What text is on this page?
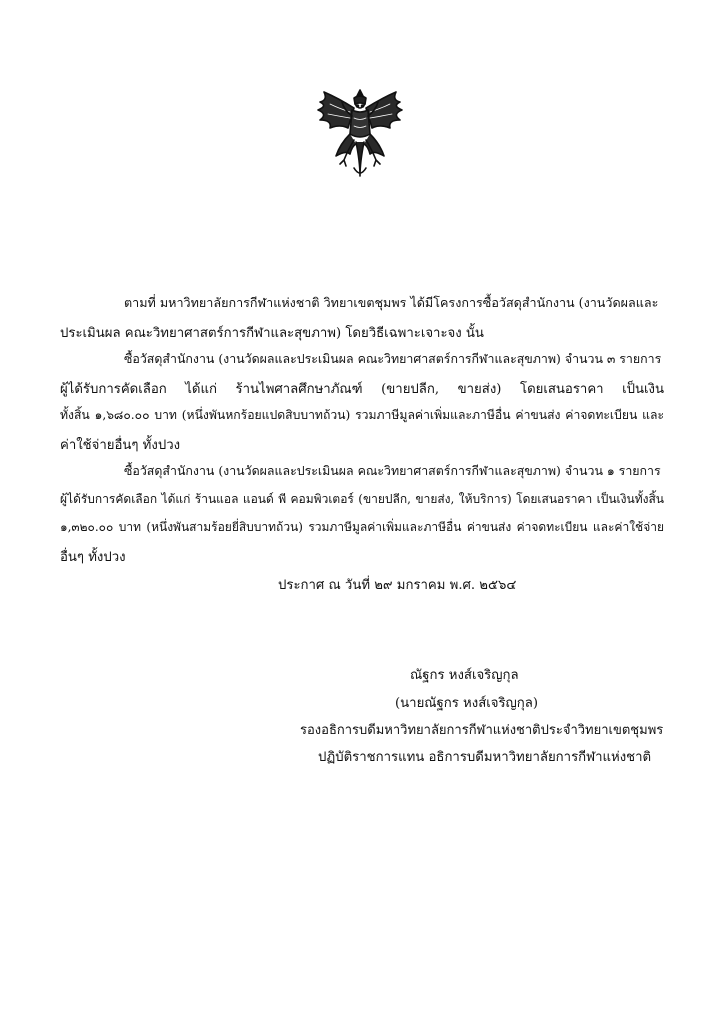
ตามที่ มหาวิทยาลัยการกีฬาแห่งชาติ วิทยาเขตชุมพร ได้มีโครงการซื้อวัสดุสำนักงาน (งานวัดผลและ
ประเมินผล คณะวิทยาศาสตร์การกีฬาและสุขภาพ) โดยวิธีเฉพาะเจาะจง นั้น
ซื้อวัสดุสำนักงาน (งานวัดผลและประเมินผล คณะวิทยาศาสตร์การกีฬาและสุขภาพ) จำนวน ๓ รายการ
ผู้ได้รับการคัดเลือก ได้แก่ ร้านไพศาลศึกษาภัณฑ์ (ขายปลีก, ขายส่ง) โดยเสนอราคา เป็นเงิน
ทั้งสิ้น ๑,๖๘๐.๐๐ บาท (หนึ่งพันหกร้อยแปดสิบบาทถ้วน) รวมภาษีมูลค่าเพิ่มและภาษีอื่น ค่าขนส่ง ค่าจดทะเบียน และ
ค่าใช้จ่ายอื่นๆ ทั้งปวง
ซื้อวัสดุสำนักงาน (งานวัดผลและประเมินผล คณะวิทยาศาสตร์การกีฬาและสุขภาพ) จำนวน ๑ รายการ
ผู้ได้รับการคัดเลือก ได้แก่ ร้านแอล แอนด์ พี คอมพิวเตอร์ (ขายปลีก, ขายส่ง, ให้บริการ) โดยเสนอราคา เป็นเงินทั้งสิ้น
๑,๓๒๐.๐๐ บาท (หนึ่งพันสามร้อยยี่สิบบาทถ้วน) รวมภาษีมูลค่าเพิ่มและภาษีอื่น ค่าขนส่ง ค่าจดทะเบียน และค่าใช้จ่าย
อื่นๆ ทั้งปวง
ประกาศ ณ วันที่ ๒๙ มกราคม พ.ศ. ๒๕๖๔
ณัฐกร หงส์เจริญกุล
(นายณัฐกร หงส์เจริญกุล)
รองอธิการบดีมหาวิทยาลัยการกีฬาแห่งชาติประจำวิทยาเขตชุมพร
ปฏิบัติราชการแทน อธิการบดีมหาวิทยาลัยการกีฬาแห่งชาติ
